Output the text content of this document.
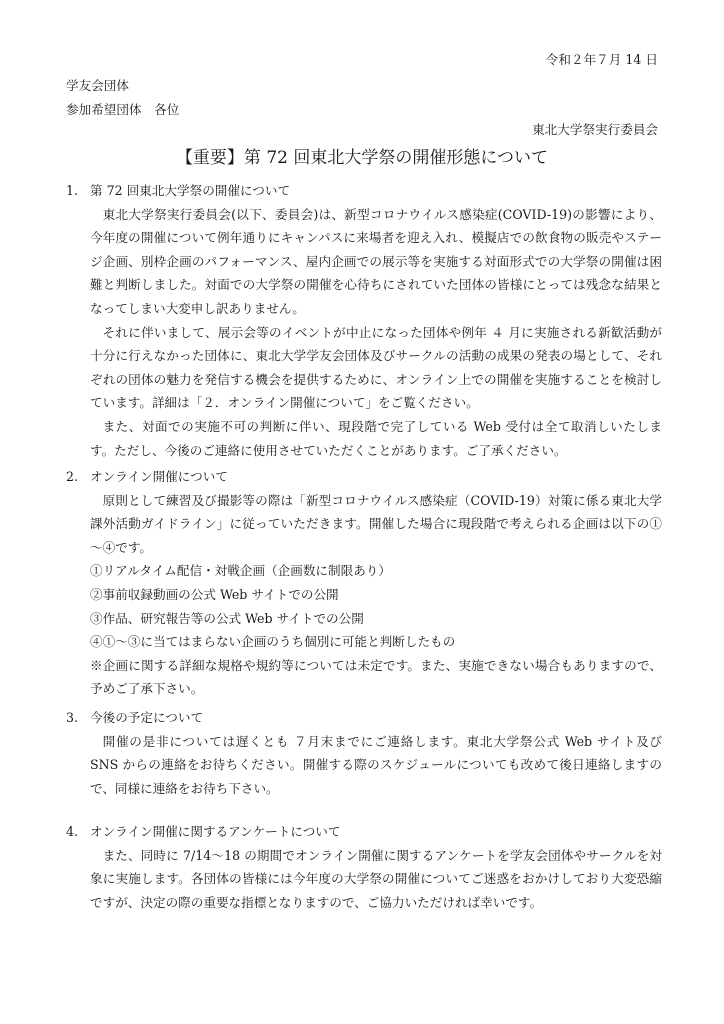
令和２年７月 14 日
学友会団体
参加希望団体　各位
東北大学祭実行委員会
【重要】第 72 回東北大学祭の開催形態について
1. 第 72 回東北大学祭の開催について
東北大学祭実行委員会(以下、委員会)は、新型コロナウイルス感染症(COVID-19)の影響により、今年度の開催について例年通りにキャンパスに来場者を迎え入れ、模擬店での飲食物の販売やステージ企画、別枠企画のパフォーマンス、屋内企画での展示等を実施する対面形式での大学祭の開催は困難と判断しました。対面での大学祭の開催を心待ちにされていた団体の皆様にとっては残念な結果となってしまい大変申し訳ありません。
それに伴いまして、展示会等のイベントが中止になった団体や例年 ４ 月に実施される新歓活動が十分に行えなかった団体に、東北大学学友会団体及びサークルの活動の成果の発表の場として、それぞれの団体の魅力を発信する機会を提供するために、オンライン上での開催を実施することを検討しています。詳細は「２．オンライン開催について」をご覧ください。
また、対面での実施不可の判断に伴い、現段階で完了している Web 受付は全て取消しいたします。ただし、今後のご連絡に使用させていただくことがあります。ご了承ください。
2. オンライン開催について
原則として練習及び撮影等の際は「新型コロナウイルス感染症（COVID-19）対策に係る東北大学課外活動ガイドライン」に従っていただきます。開催した場合に現段階で考えられる企画は以下の①～④です。
①リアルタイム配信・対戦企画（企画数に制限あり）
②事前収録動画の公式 Web サイトでの公開
③作品、研究報告等の公式 Web サイトでの公開
④①～③に当てはまらない企画のうち個別に可能と判断したもの
※企画に関する詳細な規格や規約等については未定です。また、実施できない場合もありますので、予めご了承下さい。
3. 今後の予定について
開催の是非については遅くとも ７月末までにご連絡します。東北大学祭公式 Web サイト及び SNS からの連絡をお待ちください。開催する際のスケジュールについても改めて後日連絡しますので、同様に連絡をお待ち下さい。
4. オンライン開催に関するアンケートについて
また、同時に 7/14～18 の期間でオンライン開催に関するアンケートを学友会団体やサークルを対象に実施します。各団体の皆様には今年度の大学祭の開催についてご迷惑をおかけしており大変恐縮ですが、決定の際の重要な指標となりますので、ご協力いただければ幸いです。
